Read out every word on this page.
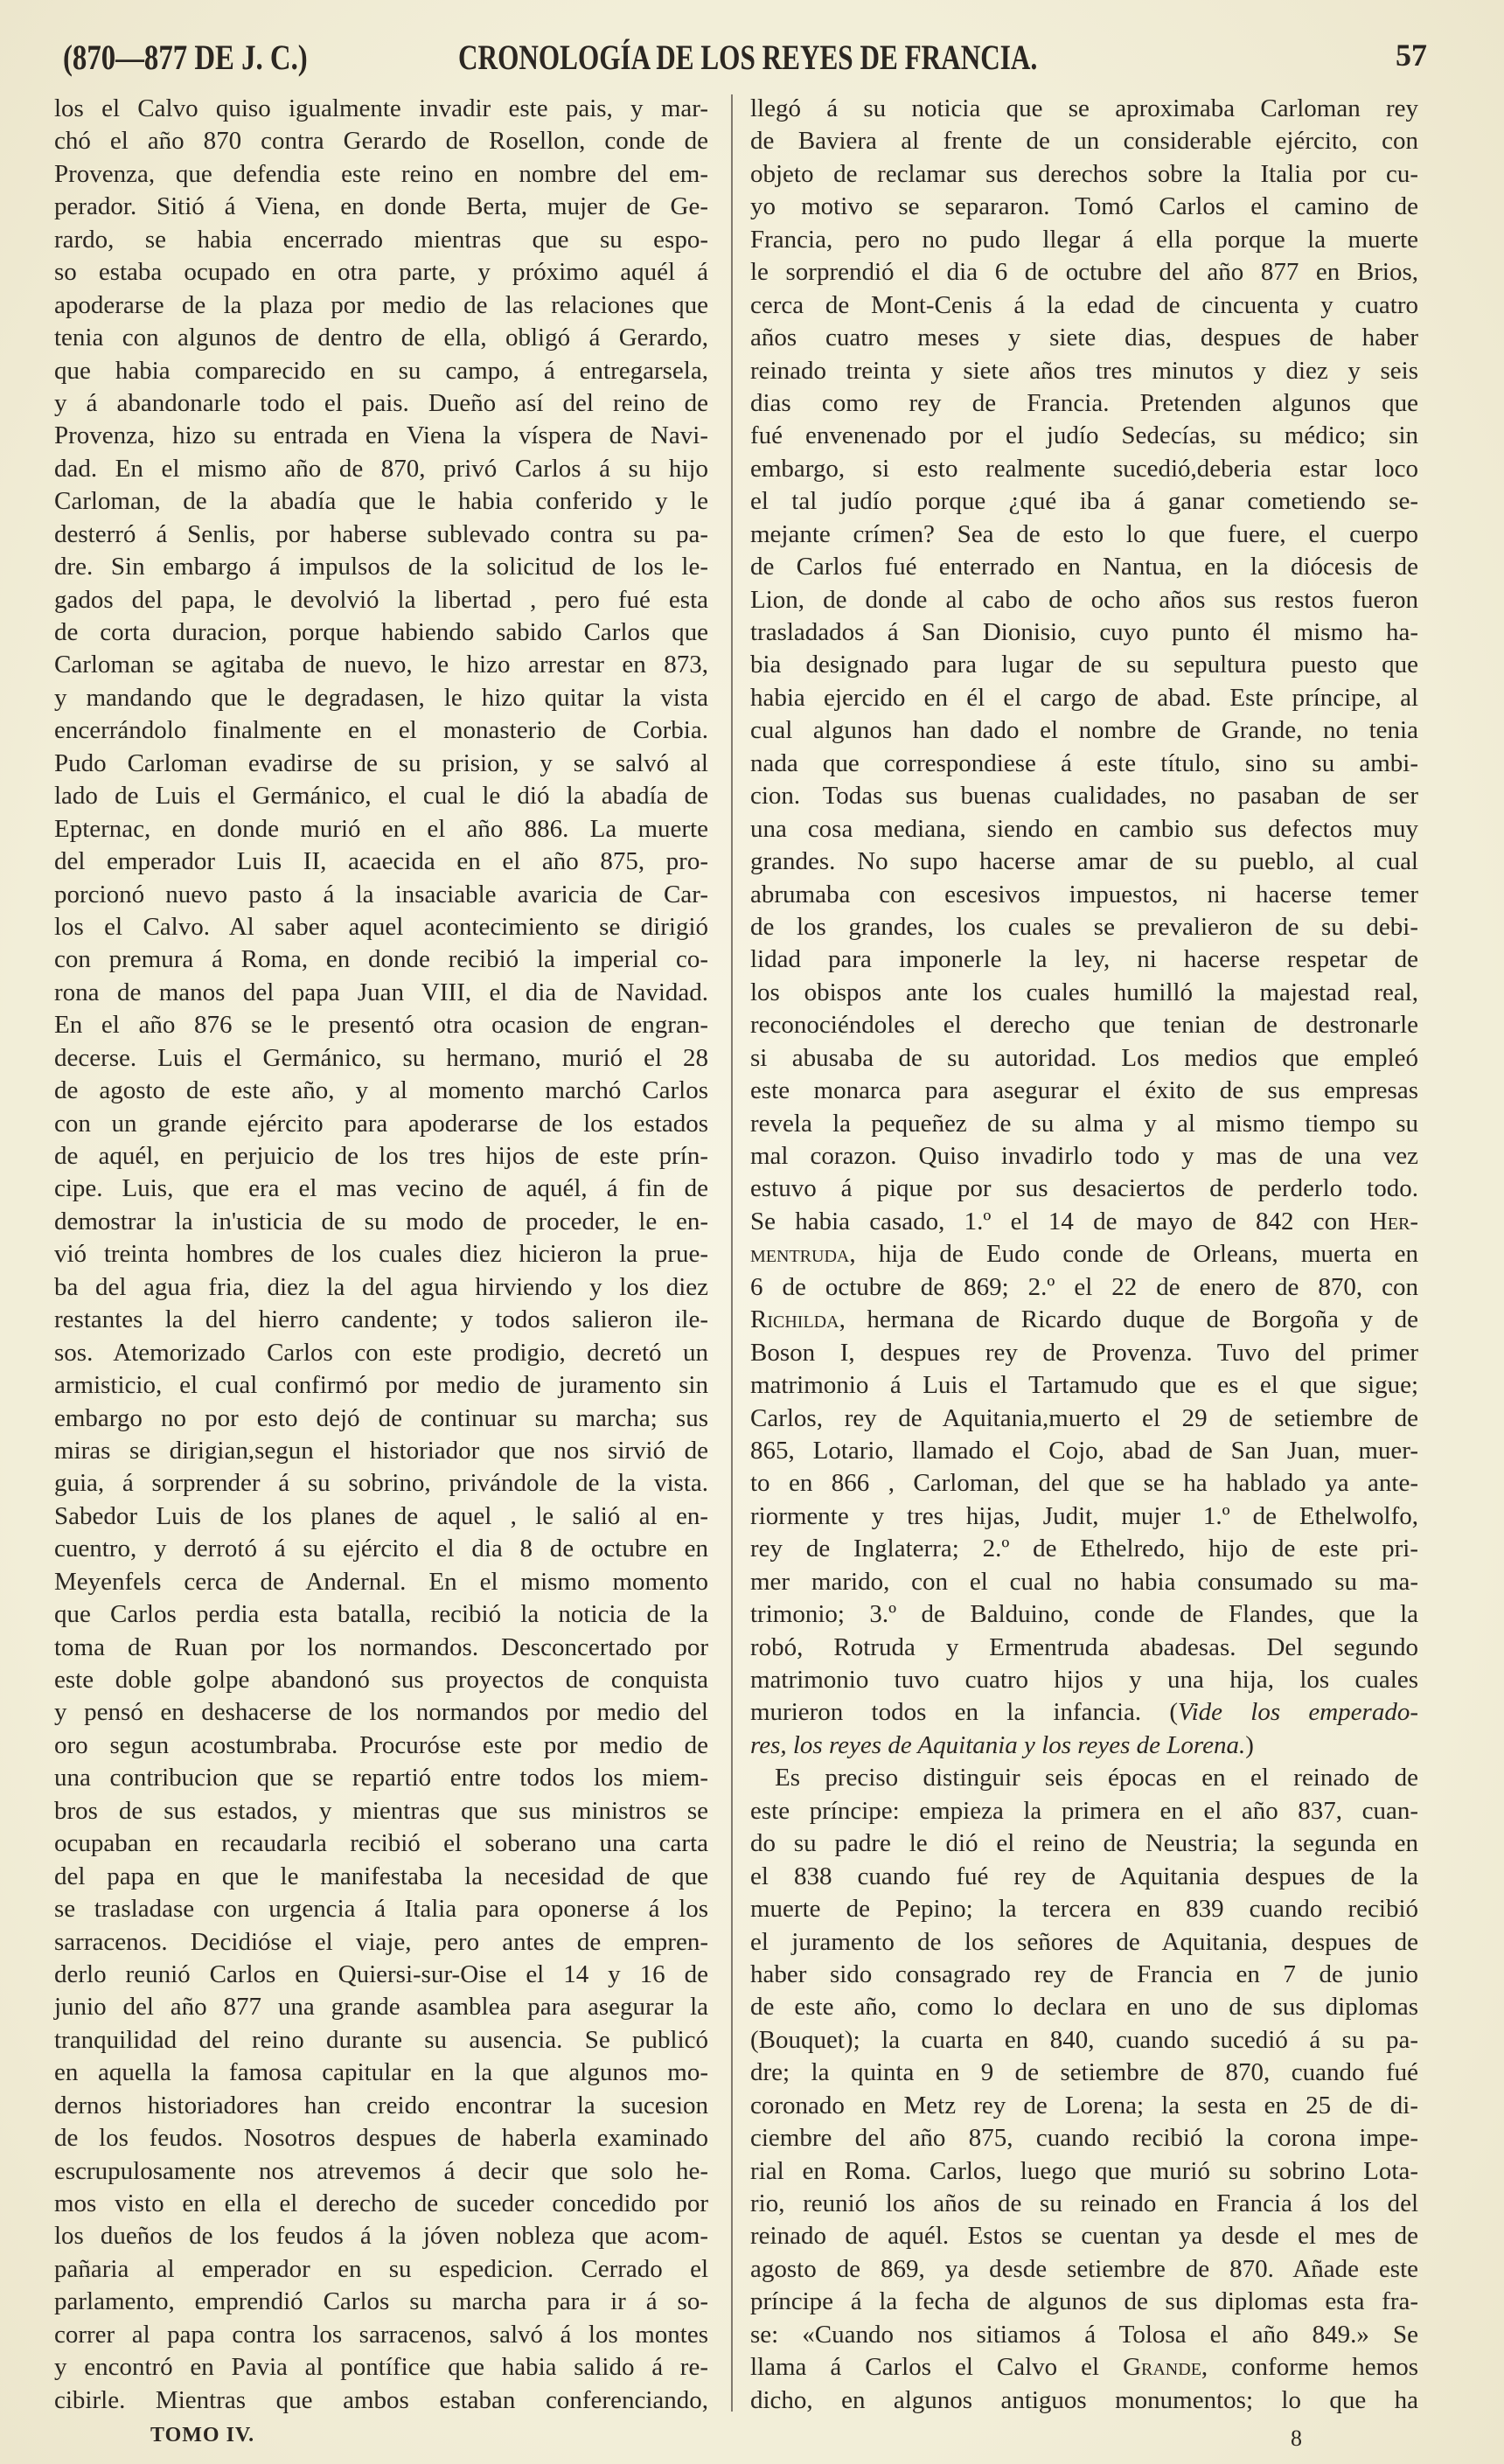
(870—877 DE J. C.)	CRONOLOGÍA DE LOS REYES DE FRANCIA.	57
los el Calvo quiso igualmente invadir este pais, y mar-
chó el año 870 contra Gerardo de Rosellon, conde de
Provenza, que defendia este reino en nombre del em-
perador. Sitió á Viena, en donde Berta, mujer de Ge-
rardo, se habia encerrado mientras que su espo-
so estaba ocupado en otra parte, y próximo aquél á
apoderarse de la plaza por medio de las relaciones que
tenia con algunos de dentro de ella, obligó á Gerardo,
que habia comparecido en su campo, á entregarsela,
y á abandonarle todo el pais. Dueño así del reino de
Provenza, hizo su entrada en Viena la víspera de Navi-
dad. En el mismo año de 870, privó Carlos á su hijo
Carloman, de la abadía que le habia conferido y le
desterró á Senlis, por haberse sublevado contra su pa-
dre. Sin embargo á impulsos de la solicitud de los le-
gados del papa, le devolvió la libertad , pero fué esta
de corta duracion, porque habiendo sabido Carlos que
Carloman se agitaba de nuevo, le hizo arrestar en 873,
y mandando que le degradasen, le hizo quitar la vista
encerrándolo finalmente en el monasterio de Corbia.
Pudo Carloman evadirse de su prision, y se salvó al
lado de Luis el Germánico, el cual le dió la abadía de
Epternac, en donde murió en el año 886. La muerte
del emperador Luis II, acaecida en el año 875, pro-
porcionó nuevo pasto á la insaciable avaricia de Car-
los el Calvo. Al saber aquel acontecimiento se dirigió
con premura á Roma, en donde recibió la imperial co-
rona de manos del papa Juan VIII, el dia de Navidad.
En el año 876 se le presentó otra ocasion de engran-
decerse. Luis el Germánico, su hermano, murió el 28
de agosto de este año, y al momento marchó Carlos
con un grande ejército para apoderarse de los estados
de aquél, en perjuicio de los tres hijos de este prín-
cipe. Luis, que era el mas vecino de aquél, á fin de
demostrar la in'usticia de su modo de proceder, le en-
vió treinta hombres de los cuales diez hicieron la prue-
ba del agua fria, diez la del agua hirviendo y los diez
restantes la del hierro candente; y todos salieron ile-
sos. Atemorizado Carlos con este prodigio, decretó un
armisticio, el cual confirmó por medio de juramento sin
embargo no por esto dejó de continuar su marcha; sus
miras se dirigian,segun el historiador que nos sirvió de
guia, á sorprender á su sobrino, privándole de la vista.
Sabedor Luis de los planes de aquel , le salió al en-
cuentro, y derrotó á su ejército el dia 8 de octubre en
Meyenfels cerca de Andernal. En el mismo momento
que Carlos perdia esta batalla, recibió la noticia de la
toma de Ruan por los normandos. Desconcertado por
este doble golpe abandonó sus proyectos de conquista
y pensó en deshacerse de los normandos por medio del
oro segun acostumbraba. Procuróse este por medio de
una contribucion que se repartió entre todos los miem-
bros de sus estados, y mientras que sus ministros se
ocupaban en recaudarla recibió el soberano una carta
del papa en que le manifestaba la necesidad de que
se trasladase con urgencia á Italia para oponerse á los
sarracenos. Decidióse el viaje, pero antes de empren-
derlo reunió Carlos en Quiersi-sur-Oise el 14 y 16 de
junio del año 877 una grande asamblea para asegurar la
tranquilidad del reino durante su ausencia. Se publicó
en aquella la famosa capitular en la que algunos mo-
dernos historiadores han creido encontrar la sucesion
de los feudos. Nosotros despues de haberla examinado
escrupulosamente nos atrevemos á decir que solo he-
mos visto en ella el derecho de suceder concedido por
los dueños de los feudos á la jóven nobleza que acom-
pañaria al emperador en su espedicion. Cerrado el
parlamento, emprendió Carlos su marcha para ir á so-
correr al papa contra los sarracenos, salvó á los montes
y encontró en Pavia al pontífice que habia salido á re-
cibirle. Mientras que ambos estaban conferenciando,
llegó á su noticia que se aproximaba Carloman rey
de Baviera al frente de un considerable ejército, con
objeto de reclamar sus derechos sobre la Italia por cu-
yo motivo se separaron. Tomó Carlos el camino de
Francia, pero no pudo llegar á ella porque la muerte
le sorprendió el dia 6 de octubre del año 877 en Brios,
cerca de Mont-Cenis á la edad de cincuenta y cuatro
años cuatro meses y siete dias, despues de haber
reinado treinta y siete años tres minutos y diez y seis
dias como rey de Francia. Pretenden algunos que
fué envenenado por el judío Sedecías, su médico; sin
embargo, si esto realmente sucedió,deberia estar loco
el tal judío porque ¿qué iba á ganar cometiendo se-
mejante crímen? Sea de esto lo que fuere, el cuerpo
de Carlos fué enterrado en Nantua, en la diócesis de
Lion, de donde al cabo de ocho años sus restos fueron
trasladados á San Dionisio, cuyo punto él mismo ha-
bia designado para lugar de su sepultura puesto que
habia ejercido en él el cargo de abad. Este príncipe, al
cual algunos han dado el nombre de Grande, no tenia
nada que correspondiese á este título, sino su ambi-
cion. Todas sus buenas cualidades, no pasaban de ser
una cosa mediana, siendo en cambio sus defectos muy
grandes. No supo hacerse amar de su pueblo, al cual
abrumaba con escesivos impuestos, ni hacerse temer
de los grandes, los cuales se prevalieron de su debi-
lidad para imponerle la ley, ni hacerse respetar de
los obispos ante los cuales humilló la majestad real,
reconociéndoles el derecho que tenian de destronarle
si abusaba de su autoridad. Los medios que empleó
este monarca para asegurar el éxito de sus empresas
revela la pequeñez de su alma y al mismo tiempo su
mal corazon. Quiso invadirlo todo y mas de una vez
estuvo á pique por sus desaciertos de perderlo todo.
Se habia casado, 1.º el 14 de mayo de 842 con Her-
mentruda, hija de Eudo conde de Orleans, muerta en
6 de octubre de 869; 2.º el 22 de enero de 870, con
Richilda, hermana de Ricardo duque de Borgoña y de
Boson I, despues rey de Provenza. Tuvo del primer
matrimonio á Luis el Tartamudo que es el que sigue;
Carlos, rey de Aquitania,muerto el 29 de setiembre de
865, Lotario, llamado el Cojo, abad de San Juan, muer-
to en 866 , Carloman, del que se ha hablado ya ante-
riormente y tres hijas, Judit, mujer 1.º de Ethelwolfo,
rey de Inglaterra; 2.º de Ethelredo, hijo de este pri-
mer marido, con el cual no habia consumado su ma-
trimonio; 3.º de Balduino, conde de Flandes, que la
robó, Rotruda y Ermentruda abadesas. Del segundo
matrimonio tuvo cuatro hijos y una hija, los cuales
murieron todos en la infancia. (Vide los emperado-
res, los reyes de Aquitania y los reyes de Lorena.)
Es preciso distinguir seis épocas en el reinado de
este príncipe: empieza la primera en el año 837, cuan-
do su padre le dió el reino de Neustria; la segunda en
el 838 cuando fué rey de Aquitania despues de la
muerte de Pepino; la tercera en 839 cuando recibió
el juramento de los señores de Aquitania, despues de
haber sido consagrado rey de Francia en 7 de junio
de este año, como lo declara en uno de sus diplomas
(Bouquet); la cuarta en 840, cuando sucedió á su pa-
dre; la quinta en 9 de setiembre de 870, cuando fué
coronado en Metz rey de Lorena; la sesta en 25 de di-
ciembre del año 875, cuando recibió la corona impe-
rial en Roma. Carlos, luego que murió su sobrino Lota-
rio, reunió los años de su reinado en Francia á los del
reinado de aquél. Estos se cuentan ya desde el mes de
agosto de 869, ya desde setiembre de 870. Añade este
príncipe á la fecha de algunos de sus diplomas esta fra-
se: «Cuando nos sitiamos á Tolosa el año 849.» Se
llama á Carlos el Calvo el Grande, conforme hemos
dicho, en algunos antiguos monumentos; lo que ha
TOMO IV.	8
